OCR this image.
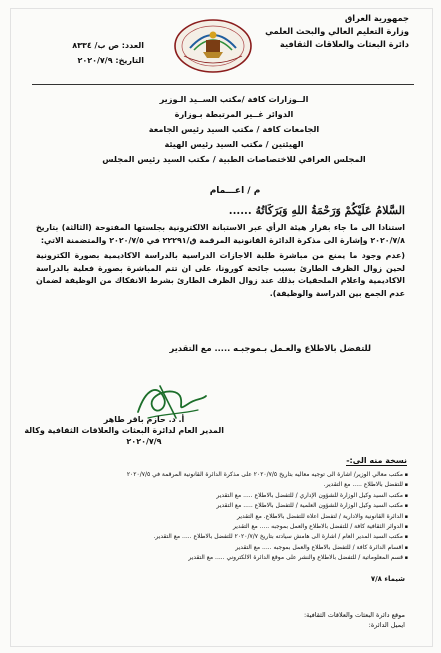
جمهورية العراق
وزارة التعليم العالي والبحث العلمي
دائرة البعثات والعلاقات الثقافية
العدد: ص ب/ ٨٣٣٤
التاريخ: ٢٠٢٠/٧/٩
الــوزارات كافة /مكتب الســيد الـوزير
الدوائر غــير المرتبطة بـوزارة
الجامعات كافة / مكتب السيد رئيس الجامعة
الهيئتين / مكتب السيد رئيس الهيئة
المجلس العراقي للاختصاصات الطبية / مكتب السيد رئيس المجلس
م / اعـــمام
السَّلامُ عَلَيْكُمْ وَرَحْمَةُ اللهِ وَبَرَكَاتُهُ ......

استنادا الى ما جاء بقرار هيئة الرأي عبر الاستبانة الالكترونية بجلستها المفتوحة (الثالثة) بتاريخ ٢٠٢٠/٧/٨ وإشارة الى مذكرة الدائرة القانونية المرقمة ق/٢٢٢٩١ في ٢٠٢٠/٧/٥ والمتضمنة الاتي:

(عدم وجود ما يمنع من مباشرة طلبة الاجازات الدراسية بالدراسة الاكاديمية بصورة الكترونية لحين زوال الظرف الطارئ بسبب جائحة كورونا، على ان تتم المباشرة بصورة فعلية بالدراسة الاكاديمية واعلام الملحقيات بذلك عند زوال الظرف الطارئ بشرط الانفكاك من الوظيفة لضمان عدم الجمع بين الدراسة والوظيفة).

للتفضل بالاطلاع والعـمل بـموجبـه ..... مع التقدير
أ. د. حازم باقر طاهر
المدير العام لدائرة البعثات والعلاقات الثقافية وكالة
٢٠٢٠/٧/٩
نسخة منه الى:-
▪ مكتب معالي الوزير/ اشارة الى توجيه معاليه بتاريخ ٢٠٢٠/٧/٥ على مذكرة الدائرة القانونية المرقمة في ٢٠٢٠/٧/٥
▪ للتفضل بالاطلاع ..... مع التقدير.
▪ مكتب السيد وكيل الوزارة للشؤون الإداري / للتفضل بالاطلاع ..... مع التقدير
▪ مكتب السيد وكيل الوزارة للشؤون العلمية / للتفضل بالاطلاع ..... مع التقدير
▪ الدائرة القانونية والادارية / لتفضل اعلاه للتفضل بالاطلاع. مع التقدير
▪ الدوائر الثقافية كافة / للتفضل بالاطلاع والعمل بموجبه ..... مع التقدير
▪ مكتب السيد المدير العام / اشارة الى هامش سيادته بتاريخ ٢٠٢٠/٧/٧ للتفضل بالاطلاع ..... مع التقدير.
▪ اقسام الدائرة كافة / للتفضل بالاطلاع والعمل بموجبه ..... مع التقدير
▪ قسم المعلوماتية / للتفضل بالاطلاع والنشر على موقع الدائرة الالكتروني ..... مع التقدير
شيماء ٧/٨
موقع دائرة البعثات والعلاقات الثقافية:
ايميل الدائرة:
